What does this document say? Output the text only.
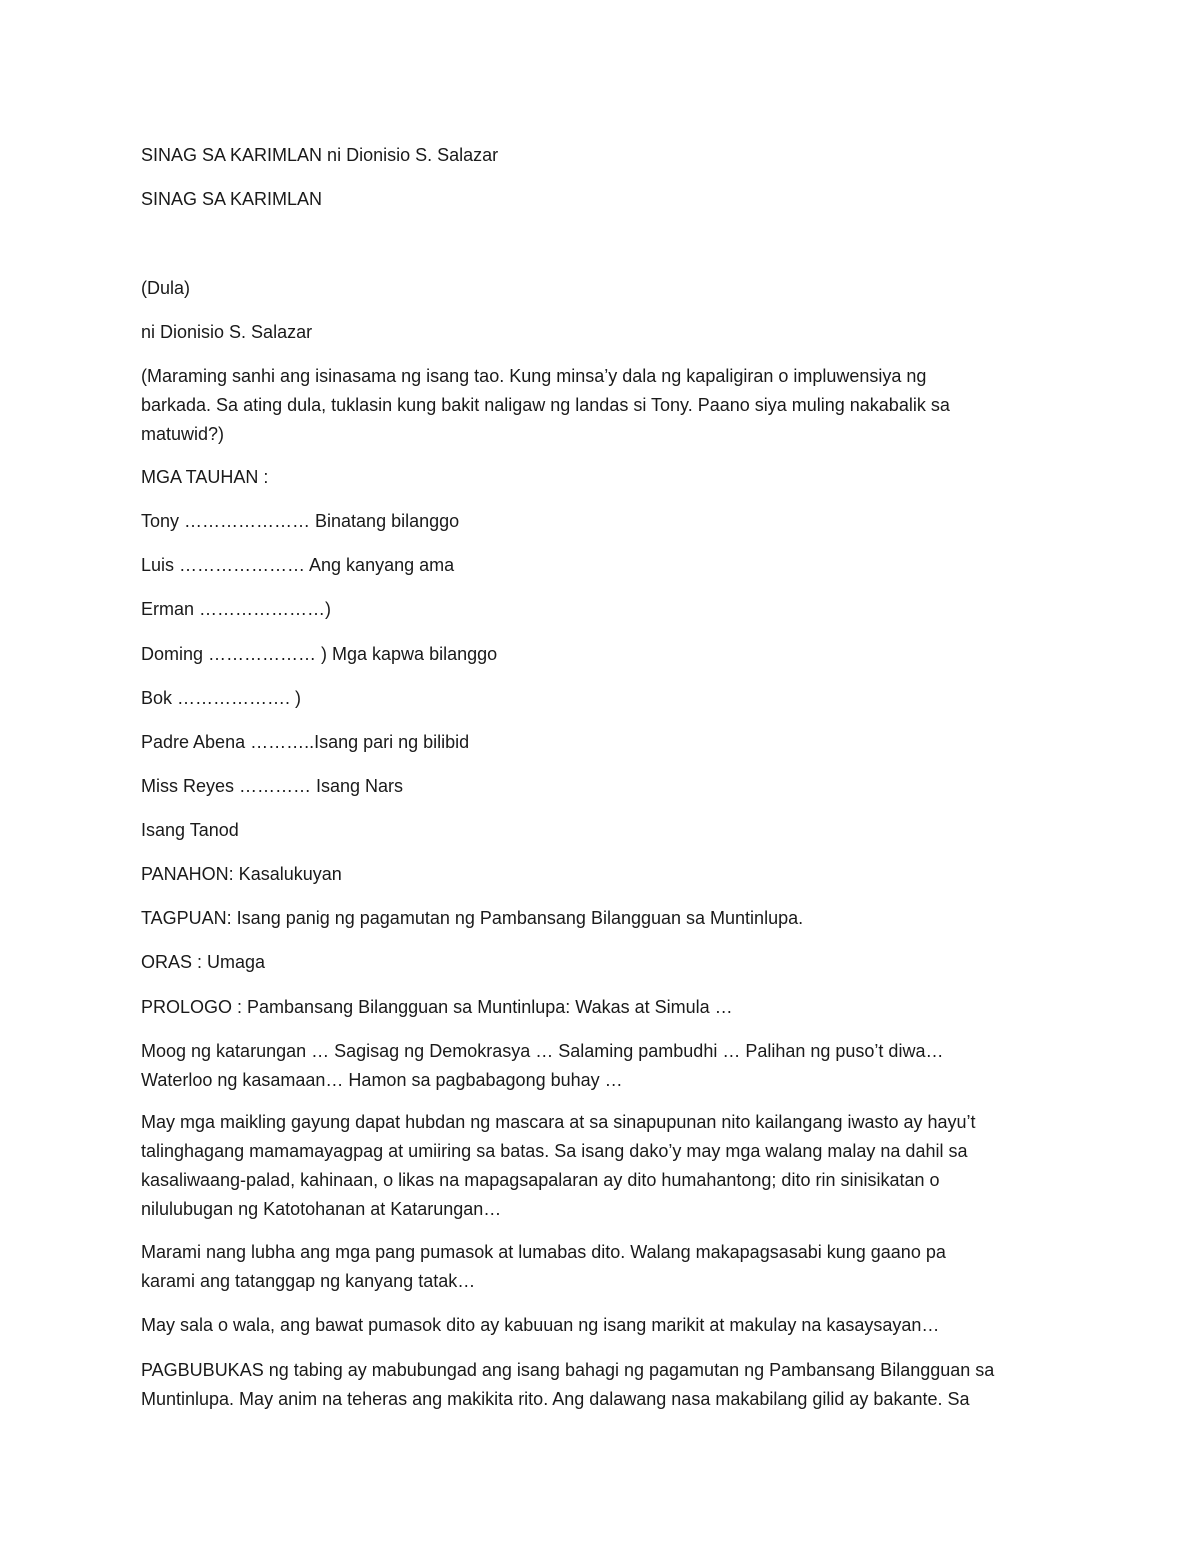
SINAG SA KARIMLAN ni Dionisio S. Salazar
SINAG SA KARIMLAN
(Dula)
ni Dionisio S. Salazar
(Maraming sanhi ang isinasama ng isang tao. Kung minsa’y dala ng kapaligiran o impluwensiya ng
barkada. Sa ating dula, tuklasin kung bakit naligaw ng landas si Tony. Paano siya muling nakabalik sa
matuwid?)
MGA TAUHAN :
Tony ………………… Binatang bilanggo
Luis ………………… Ang kanyang ama
Erman …………………)
Doming ……………… ) Mga kapwa bilanggo
Bok ………………. )
Padre Abena ………..Isang pari ng bilibid
Miss Reyes ………… Isang Nars
Isang Tanod
PANAHON: Kasalukuyan
TAGPUAN: Isang panig ng pagamutan ng Pambansang Bilangguan sa Muntinlupa.
ORAS : Umaga
PROLOGO : Pambansang Bilangguan sa Muntinlupa: Wakas at Simula …
Moog ng katarungan … Sagisag ng Demokrasya … Salaming pambudhi … Palihan ng puso’t diwa…
Waterloo ng kasamaan… Hamon sa pagbabagong buhay …
May mga maikling gayung dapat hubdan ng mascara at sa sinapupunan nito kailangang iwasto ay hayu’t
talinghagang mamamayagpag at umiiring sa batas. Sa isang dako’y may mga walang malay na dahil sa
kasaliwaang-palad, kahinaan, o likas na mapagsapalaran ay dito humahantong; dito rin sinisikatan o
nilulubugan ng Katotohanan at Katarungan…
Marami nang lubha ang mga pang pumasok at lumabas dito. Walang makapagsasabi kung gaano pa
karami ang tatanggap ng kanyang tatak…
May sala o wala, ang bawat pumasok dito ay kabuuan ng isang marikit at makulay na kasaysayan…
PAGBUBUKAS ng tabing ay mabubungad ang isang bahagi ng pagamutan ng Pambansang Bilangguan sa
Muntinlupa. May anim na teheras ang makikita rito. Ang dalawang nasa makabilang gilid ay bakante. Sa
